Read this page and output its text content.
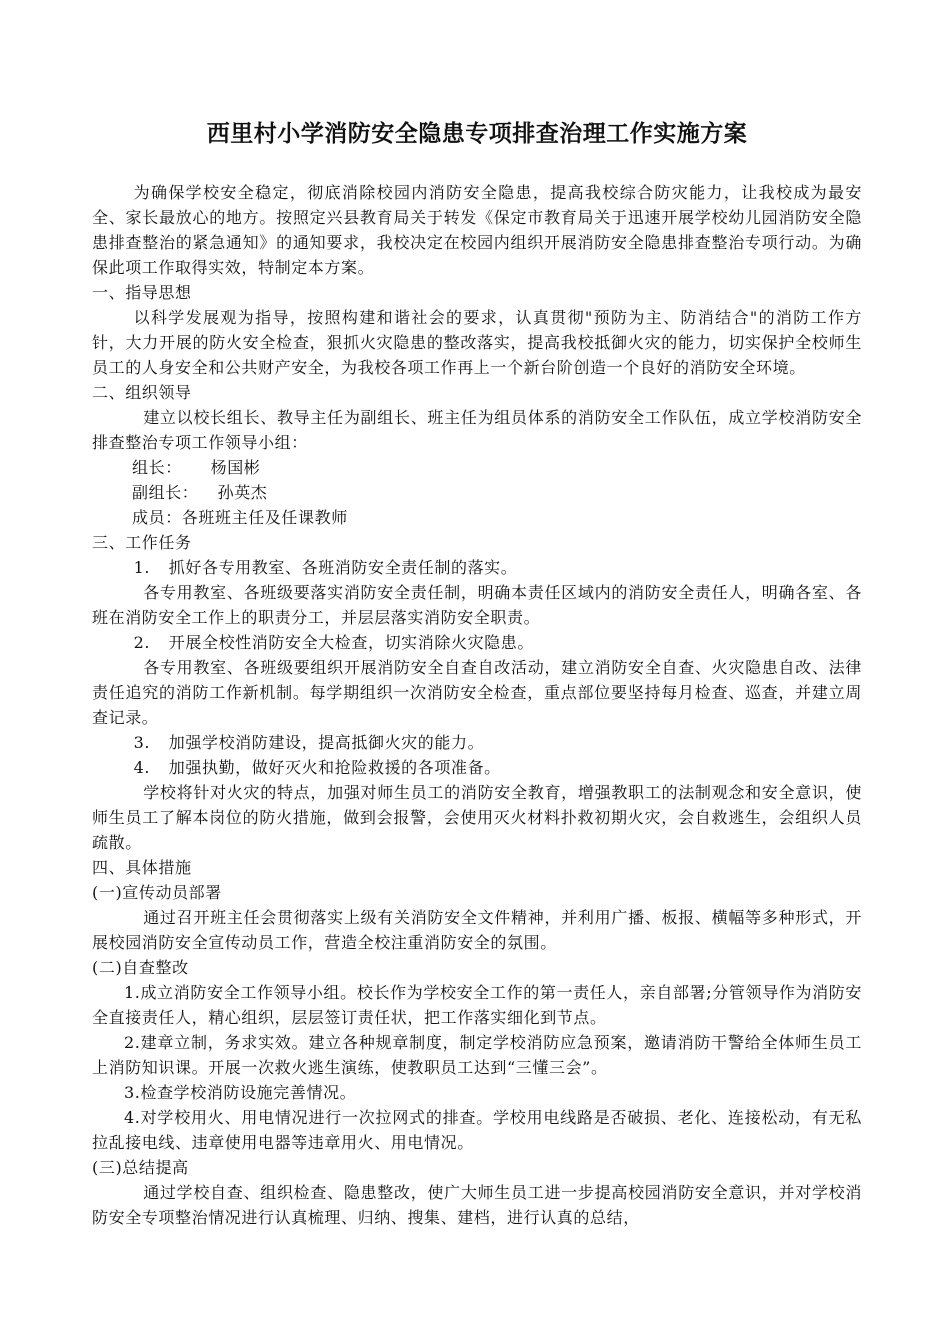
西里村小学消防安全隐患专项排查治理工作实施方案

为确保学校安全稳定，彻底消除校园内消防安全隐患，提高我校综合防灾能力，让我校成为最安全、家长最放心的地方。按照定兴县教育局关于转发《保定市教育局关于迅速开展学校幼儿园消防安全隐患排查整治的紧急通知》的通知要求，我校决定在校园内组织开展消防安全隐患排查整治专项行动。为确保此项工作取得实效，特制定本方案。

一、指导思想

以科学发展观为指导，按照构建和谐社会的要求，认真贯彻"预防为主、防消结合"的消防工作方针，大力开展的防火安全检查，狠抓火灾隐患的整改落实，提高我校抵御火灾的能力，切实保护全校师生员工的人身安全和公共财产安全，为我校各项工作再上一个新台阶创造一个良好的消防安全环境。

二、组织领导

建立以校长组长、教导主任为副组长、班主任为组员体系的消防安全工作队伍，成立学校消防安全排查整治专项工作领导小组：

组长： 杨国彬

副组长： 孙英杰

成员：各班班主任及任课教师

三、工作任务

1. 抓好各专用教室、各班消防安全责任制的落实。

各专用教室、各班级要落实消防安全责任制，明确本责任区域内的消防安全责任人，明确各室、各班在消防安全工作上的职责分工，并层层落实消防安全职责。

2. 开展全校性消防安全大检查，切实消除火灾隐患。

各专用教室、各班级要组织开展消防安全自查自改活动，建立消防安全自查、火灾隐患自改、法律责任追究的消防工作新机制。每学期组织一次消防安全检查，重点部位要坚持每月检查、巡查，并建立周查记录。

3. 加强学校消防建设，提高抵御火灾的能力。

4. 加强执勤，做好灭火和抢险救援的各项准备。

学校将针对火灾的特点，加强对师生员工的消防安全教育，增强教职工的法制观念和安全意识，使师生员工了解本岗位的防火措施，做到会报警，会使用灭火材料扑救初期火灾，会自救逃生，会组织人员疏散。

四、具体措施

(一)宣传动员部署

通过召开班主任会贯彻落实上级有关消防安全文件精神，并利用广播、板报、横幅等多种形式，开展校园消防安全宣传动员工作，营造全校注重消防安全的氛围。

(二)自查整改

1.成立消防安全工作领导小组。校长作为学校安全工作的第一责任人，亲自部署;分管领导作为消防安全直接责任人，精心组织，层层签订责任状，把工作落实细化到节点。

2.建章立制，务求实效。建立各种规章制度，制定学校消防应急预案，邀请消防干警给全体师生员工上消防知识课。开展一次救火逃生演练，使教职员工达到“三懂三会”。

3.检查学校消防设施完善情况。

4.对学校用火、用电情况进行一次拉网式的排查。学校用电线路是否破损、老化、连接松动，有无私拉乱接电线、违章使用电器等违章用火、用电情况。

(三)总结提高

通过学校自查、组织检查、隐患整改，使广大师生员工进一步提高校园消防安全意识，并对学校消防安全专项整治情况进行认真梳理、归纳、搜集、建档，进行认真的总结，
